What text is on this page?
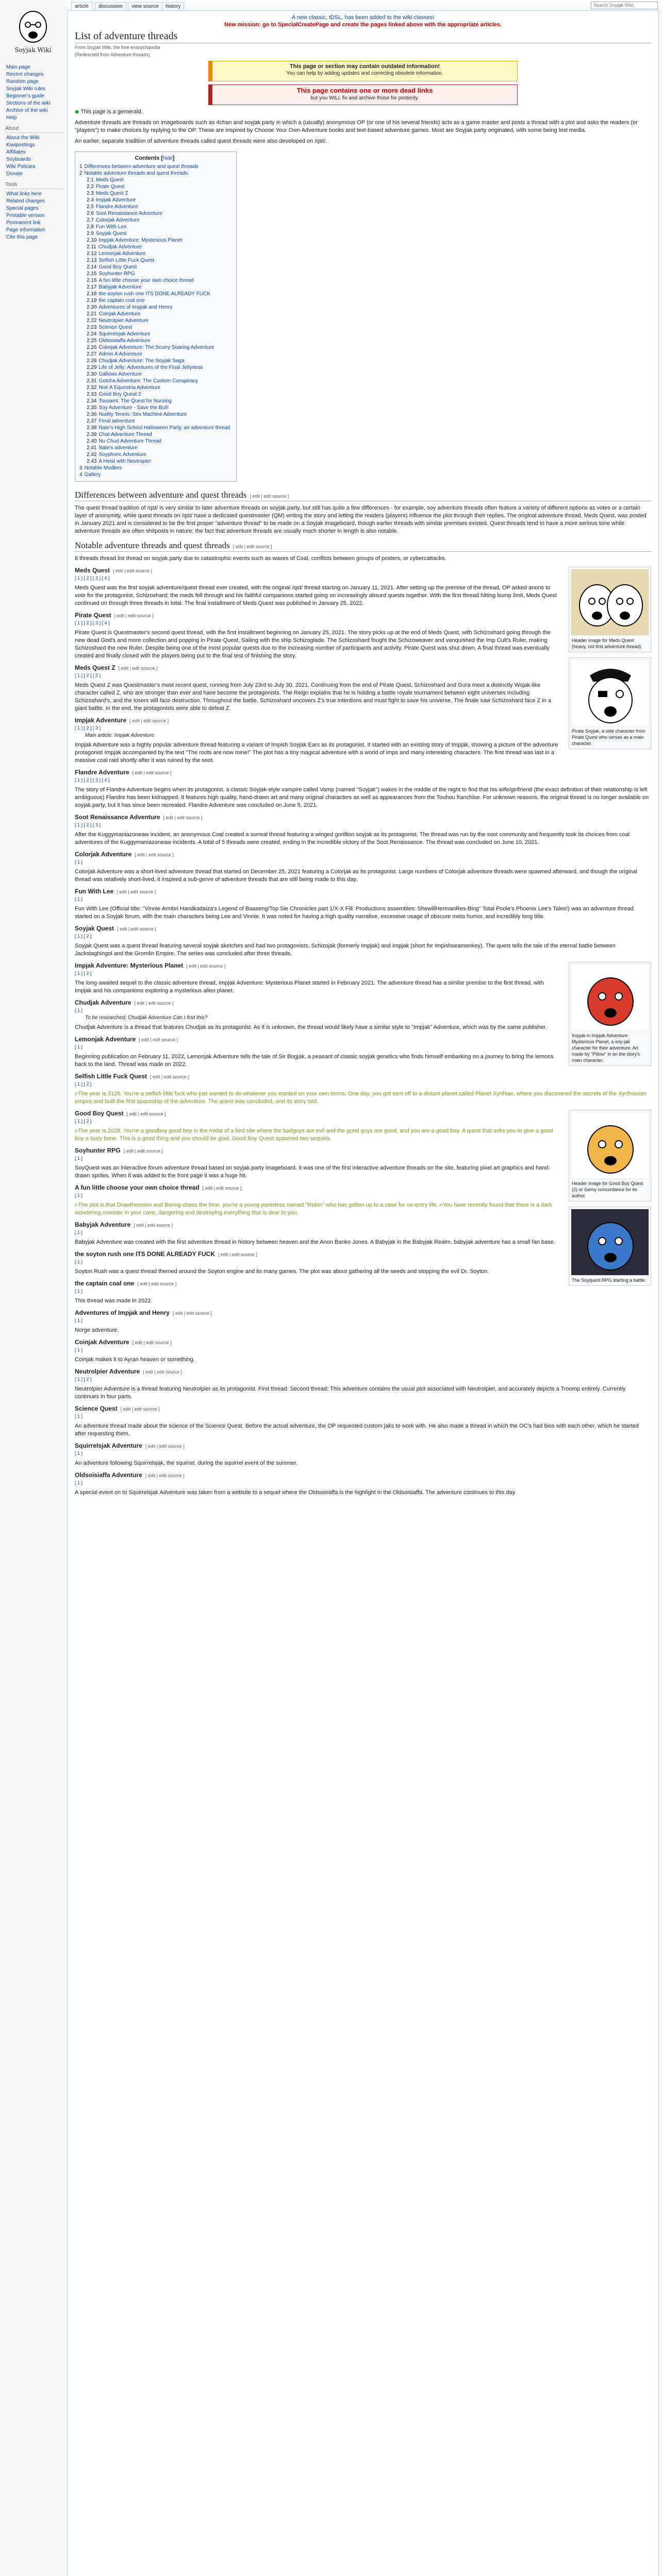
Soyjak Wiki
Main page
Recent changes
Random page
Soyjak Wiki rules
Beginner's guide
Sections of the wiki
Archive of the wiki
Help
About
About the Wiki
Kiwipostings
Affiliates
Soyboards
Wiki Policies
Donate
Tools
What links here
Related changes
Special pages
Printable version
Permanent link
Page information
Cite this page
article	discussion	view source	history	Search Soyjak Wiki
A new classic, tDSL, has been added to the wiki classes!
New mission: go to SpecialCreatePage and create the pages linked above with the appropriate articles.
List of adventure threads
From Soyjak Wiki, the free ensoyclopedia
(Redirected from Adventure threads)
This page or section may contain outdated information!
You can help by adding updates and correcting obsolete information.
This page contains one or more dead links
but you WILL fix and archive those for posterity.

◆ This page is a gemerald.

Adventure threads are threads on imageboards such as 4chan and soyjak.party in which a (usually) anonymous OP (or one of his several friends) acts as a game master and posts a thread with a plot and asks the readers (or "players") to make choices by replying to the OP. These are inspired by Choose Your Own Adventure books and text-based adventure games. Most are Soyjak.party originated, with some being lost media.

An earlier, separate tradition of adventure threads called quest threads were also developed on /qst/.

Contents [hide]
1 Differences between adventure and quest threads
2 Notable adventure threads and quest threads
2.1 Meds Quest
2.2 Pirate Quest
2.3 Meds Quest Z
2.4 Impjak Adventure
2.5 Flandre Adventure
2.6 Soot Renaissance Adventure
2.7 Colorjak Adventure
2.8 Fun With Lee
2.9 Soyjak Quest
2.10 Impjak Adventure: Mysterious Planet
2.11 Chudjak Adventure
2.12 Lemonjak Adventure
2.13 Selfish Little Fuck Quest
2.14 Good Boy Quest
2.15 Soyhunter RPG
2.16 A fun little choose your own choice thread
2.17 Babyjak Adventure
2.18 the soyton rush one ITS DONE ALREADY FUCK
2.19 the captain coal one
2.20 Adventures of Impjak and Henry
2.21 Coinjak Adventure
2.22 Neutrolpier Adventure
2.23 Science Quest
2.24 Squirrelsjak Adventure
2.25 Oldsoisiaffa Adventure
2.26 Colorjak Adventure: The Scurry Soaring Adventure
2.27 Admin A Adventure
2.28 Chudjak Adventure: The Soyjak Saga
2.29 Life of Jelly: Adventures of the Final Jellyness
2.30 Gallows Adventure
2.31 Gotcha Adventure: The Custom Conspiracy
2.32 Noir A Equestria Adventure
2.33 Good Boy Quest 2
2.34 Tsunami: The Quest for Nursing
2.35 Soy Adventure - Save the Bull!
2.36 Nudity Tennis: Sex Machine Adventure
2.37 Feral adventure
2.38 Nate's High School Halloween Party, an adventure thread
2.39 Chat Adventure Thread
2.40 Nu Chud Adventure Thread
2.41 Nate's adventure
2.42 Soyphoric Adventure
2.43 A Heist with Neutropier
3 Notable Mudkes
4 Gallery
Differences between adventure and quest threads [ edit | edit source ]

The quest thread tradition of /qst/ is very similar to later adventure threads on soyjak.party, but still has quite a few differences - for example, soy adventure threads often feature a variety of different options as votes or a certain layer of anonymity, while quest threads on /qst/ have a dedicated questmaster (QM) writing the story and letting the readers (players) influence the plot through their replies. The original adventure thread, Meds Quest, was posted in January 2021 and is considered to be the first proper "adventure thread" to be made on a Soyjak imageboard, though earlier threads with similar premises existed. Quest threads tend to have a more serious tone while adventure threads are often shitposts in nature; the fact that adventure threads are usually much shorter in length is also notable.

Notable adventure threads and quest threads [ edit | edit source ]

8 threads thread list thread on soyjak.party due to catastrophic events such as waves of Coal, conflicts between groups of posters, or cybercattacks.

Header image for Meds Quest (heavy, not first adventure thread)
Pirate Soyjak, a side character from Pirate Quest who serves as a main character.
Meds Quest [ edit | edit source ]
[ 1 ] [ 2 ] [ 3 ] [ 4 ]

Meds Quest was the first soyjak adventure/quest thread ever created, with the original /qst/ thread starting on January 11, 2021. After setting up the premise of the thread, OP asked anons to vote for the protagonist, Schizoshard; the meds fell through and his faithful companions started going on increasingly absurd quests together. With the first thread hitting bump limit, Meds Quest continued on through three threads in total. The final installment of Meds Quest was published in January 25, 2022.

Pirate Quest [ edit | edit source ]
[ 1 ] [ 2 ] [ 3 ] [ 4 ]

Pirate Quest is Questmaster's second quest thread, with the first installment beginning on January 25, 2021. The story picks up at the end of Meds Quest, with Schizoshard going through the new dead God's and more collection and popping in Pirate Quest, Sailing with the ship Schizoglade. The Schizoshard fought the Schizoweaver and vanquished the Imp Cult's Ruler, making Schizoshard the new Ruler. Despite being one of the most popular quests due to the increasing number of participants and activity, Pirate Quest was shut down. A final thread was eventually created and finally closed with the players being put to the final test of finishing the story.

Meds Quest Z [ edit | edit source ]
[ 1 ] [ 2 ] [ 3 ]

Meds Quest Z was Questmaster's most recent quest, running from July 23rd to July 30, 2021. Continuing from the end of Pirate Quest, Schizoshard and Gura meet a distinctly Wojak-like character called Z, who are stronger than ever and have become the protagonists. The Reign explains that he is holding a battle royale tournament between eight universes including Schizoshard's, and the losers will face destruction. Throughout the battle, Schizoshard uncovers Z's true intentions and must fight to save his universe. The finale saw Schizoshard face Z in a giant battle. In the end, the protagonists were able to defeat Z.

Impjak Adventure [ edit | edit source ]
[ 1 ] [ 2 ] [ 3 ]
Main article: Impjak Adventure

Impjak Adventure was a highly popular adventure thread featuring a variant of Impish Soyjak Ears as its protagonist. It started with an existing story of Impjak, showing a picture of the adventure protagonist Impjak accompanied by the text "The roots are now mine!" The plot has a tiny magical adventure with a world of imps and many interesting characters. The first thread was last in a massive coal raid shortly after it was ruined by the soot.

Flandre Adventure [ edit | edit source ]
[ 1 ] [ 2 ] [ 3 ] [ 4 ]

The story of Flandre Adventure begins when its protagonist, a classic Soyjak-style vampire called Vamp (named "Soyjak") wakes in the middle of the night to find that his wife/girlfriend (the exact definition of their relationship is left ambiguous) Flandre has been kidnapped. It features high quality, hand-drawn art and many original characters as well as appearances from the Touhou franchise. For unknown reasons, the original thread is no longer available on soyjak.party, but it has since been recreated. Flandre Adventure was concluded on June 5, 2021.

Soot Renaissance Adventure [ edit | edit source ]
[ 1 ] [ 2 ] [ 3 ]

After the Kuggymaniazoneaw incident, an anonymous Coal created a surreal thread featuring a winged gorillion soyjak as its protagonist. The thread was run by the soot community and frequently took its choices from coal adventures of the Kuggymaniazoneaw incidents. A total of 5 threads were created, ending in the incredible victory of the Soot Renaissance. The thread was concluded on June 10, 2021.

Colorjak Adventure [ edit | edit source ]
[ 1 ]

Colorjak Adventure was a short-lived adventure thread that started on December 25, 2021 featuring a Colorjak as its protagonist. Large numbers of Colorjak adventure threads were spawned afterward, and though the original thread was relatively short-lived, it inspired a sub-genre of adventure threads that are still being made to this day.

Fun With Lee [ edit | edit source ]
[ 1 ]

Fun With Lee (Official title: "Vinnie Armbri Handkadaiza's Legend of Baaseng/Top Sie Chronicles part 1/X-X Fill: Productions assembles: ShewillHermanRes-Bing" Total Poole's Phoenix Lee's Tales!) was an adventure thread started on a Soyjak forum, with the main characters being Lee and Vinnie. It was noted for having a high quality narrative, excessive usage of obscure meta humor, and incredibly long title.

Soyjak Quest [ edit | edit source ]
[ 1 ] [ 2 ]

Soyjak Quest was a quest thread featuring several soyjak sketches and had two protagonists, Schizojak (formerly Impjak) and Impjak (short for Impishseamonkey). The quest tells the tale of the eternal battle between Jackstaghingol and the Gromlin Empire. The series was concluded after three threads.

Impjak in Impjak Adventure: Mysterious Planet, a soy-jak character for their adventure. Art made by "Pillow" in an the story's main character.
Impjak Adventure: Mysterious Planet [ edit | edit source ]
[ 1 ] [ 2 ]

The long-awaited sequel to the classic adventure thread, Impjak Adventure: Mysterious Planet started in February 2021. The adventure thread has a similar premise to the first thread, with Impjak and his companions exploring a mysterious alien planet.

Chudjak Adventure [ edit | edit source ]
[ 1 ]
To be researched: Chudjak Adventure Can I find this?

Chudjak Adventure is a thread that features Chudjak as its protagonist. As it is unknown, the thread would likely have a similar style to "Impjak" Adventure, which was by the same publisher.

Lemonjak Adventure [ edit | edit source ]
[ 1 ]

Beginning publication on February 11, 2022, Lemonjak Adventure tells the tale of Sir Bogjak, a peasant of classic soyjak genetics who finds himself embarking on a journey to bring the lemons back to the land. Thread was made on 2022.

Selfish Little Fuck Quest [ edit | edit source ]
[ 1 ] [ 2 ]

>The year is 3126. You're a selfish little fuck who just wanted to do whatever you wanted on your own terms. One day, you got sent off to a distant planet called Planet Xyrthiax, where you discovered the secrets of the Xyrthiaxian empire and built the first spaceship of the adventure. The quest was concluded, and its story told.

Header image for Good Boy Quest (2) or Gemy concordance for its author.
Good Boy Quest [ edit | edit source ]
[ 1 ] [ 2 ]

>The year is 2028. You're a goodboy good boy in the midst of a bird site where the badguys are evil and the good guys are good, and you are a good boy. A quest that asks you to give a good boy a tasty bone. This is a good thing and you should be glad. Good Boy Quest spawned two sequels.

The Soyquest RPG starting a battle.
Soyhunter RPG [ edit | edit source ]
[ 1 ]

SoyQuest was an interactive forum adventure thread based on soyjak.party imageboard. It was one of the first interactive adventure threads on the site, featuring pixel art graphics and hand-drawn sprites. When it was added to the front page it was a huge hit.

A fun little choose your own choice thread [ edit | edit source ]
[ 1 ]

>The plot is that Drawtheonion and Boring chose the time, you're a young pantsless named "Robin" who has gotten up to a case for no-entry life. >You have recently found that there is a dark wondering monster in your cave, dangering and destroying everything that is dear to you.

Babyjak Adventure [ edit | edit source ]
[ 1 ]

Babyjak Adventure was created with the first adventure thread in history between heaven and the Anon Banko Jones. A Babyjak in the Babyjak Realm, babyjak adventure has a small fan base.

the soyton rush one ITS DONE ALREADY FUCK [ edit | edit source ]
[ 1 ]

Soyton Rush was a quest thread themed around the Soyton engine and its many games. The plot was about gathering all the seeds and stopping the evil Dr. Soyton.

the captain coal one [ edit | edit source ]
[ 1 ]

This thread was made in 2022.

Adventures of Impjak and Henry [ edit | edit source ]
[ 1 ]

Norge adventure.

Coinjak Adventure [ edit | edit source ]
[ 1 ]

Coinjak makes it to Ayran heaven or something.

Neutrolpier Adventure [ edit | edit source ]
[ 1 ] [ 2 ]

Neutrolpier Adventure is a thread featuring Neutrolpier as its protagonist. First thread: Second thread: This adventure contains the usual plot associated with Neutrolpier, and accurately depicts a Troomp entirely. Currently continues in four parts.

Science Quest [ edit | edit source ]
[ 1 ]

An adventure thread made about the science of the Science Quest. Before the actual adventure, the OP requested custom jaks to work with. He also made a thread in which the OC's had bios with each other, which he started after requesting them.

Squirrelsjak Adventure [ edit | edit source ]
[ 1 ]

An adventure following Squirrelsjak, the squirrel, during the squirrel event of the summer.

Oldsoisiaffa Adventure [ edit | edit source ]
[ 1 ]

A special event on to Squirrelsjak Adventure was taken from a website to a sequel where the Oldsoisiaffa is the highlight in the Oldsoisiaffa. The adventure continues to this day.
